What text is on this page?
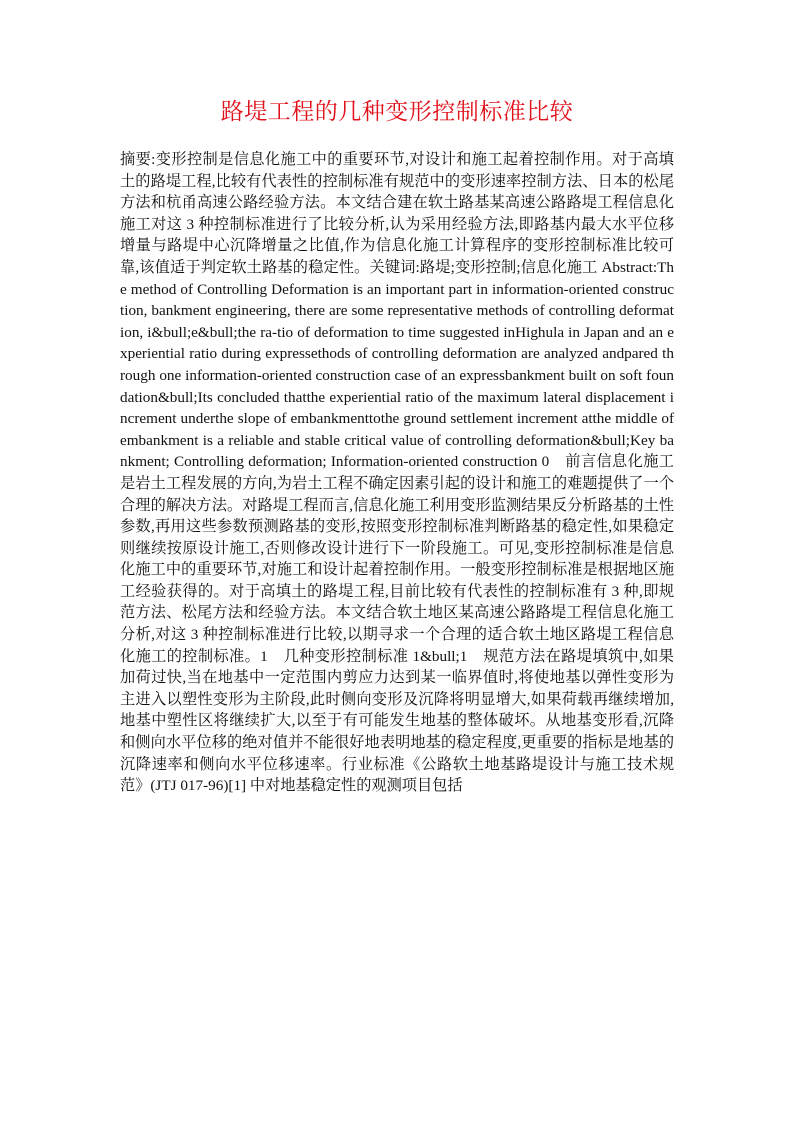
路堤工程的几种变形控制标准比较

摘要:变形控制是信息化施工中的重要环节,对设计和施工起着控制作用。对于高填土的路堤工程,比较有代表性的控制标准有规范中的变形速率控制方法、日本的松尾方法和杭甬高速公路经验方法。本文结合建在软土路基某高速公路路堤工程信息化施工对这 3 种控制标准进行了比较分析,认为采用经验方法,即路基内最大水平位移增量与路堤中心沉降增量之比值,作为信息化施工计算程序的变形控制标准比较可靠,该值适于判定软土路基的稳定性。关键词:路堤;变形控制;信息化施工 Abstract:The method of Controlling Deformation is an important part in information-oriented construction, bankment engineering, there are some representative methods of controlling deformation, i&bull;e&bull;the ra-tio of deformation to time suggested inHighula in Japan and an experiential ratio during expressethods of controlling deformation are analyzed andpared through one information-oriented construction case of an expressbankment built on soft foundation&bull;Its concluded thatthe experiential ratio of the maximum lateral displacement increment underthe slope of embankmenttothe ground settlement increment atthe middle of embankment is a reliable and stable critical value of controlling deformation&bull;Key bankment; Controlling deformation; Information-oriented construction 0　前言信息化施工是岩土工程发展的方向,为岩土工程不确定因素引起的设计和施工的难题提供了一个合理的解决方法。对路堤工程而言,信息化施工利用变形监测结果反分析路基的土性参数,再用这些参数预测路基的变形,按照变形控制标准判断路基的稳定性,如果稳定则继续按原设计施工,否则修改设计进行下一阶段施工。可见,变形控制标准是信息化施工中的重要环节,对施工和设计起着控制作用。一般变形控制标准是根据地区施工经验获得的。对于高填土的路堤工程,目前比较有代表性的控制标准有 3 种,即规范方法、松尾方法和经验方法。本文结合软土地区某高速公路路堤工程信息化施工分析,对这 3 种控制标准进行比较,以期寻求一个合理的适合软土地区路堤工程信息化施工的控制标准。1　几种变形控制标准 1&bull;1　规范方法在路堤填筑中,如果加荷过快,当在地基中一定范围内剪应力达到某一临界值时,将使地基以弹性变形为主进入以塑性变形为主阶段,此时侧向变形及沉降将明显增大,如果荷载再继续增加,地基中塑性区将继续扩大,以至于有可能发生地基的整体破坏。从地基变形看,沉降和侧向水平位移的绝对值并不能很好地表明地基的稳定程度,更重要的指标是地基的沉降速率和侧向水平位移速率。行业标准《公路软土地基路堤设计与施工技术规范》(JTJ 017-96)[1] 中对地基稳定性的观测项目包括
